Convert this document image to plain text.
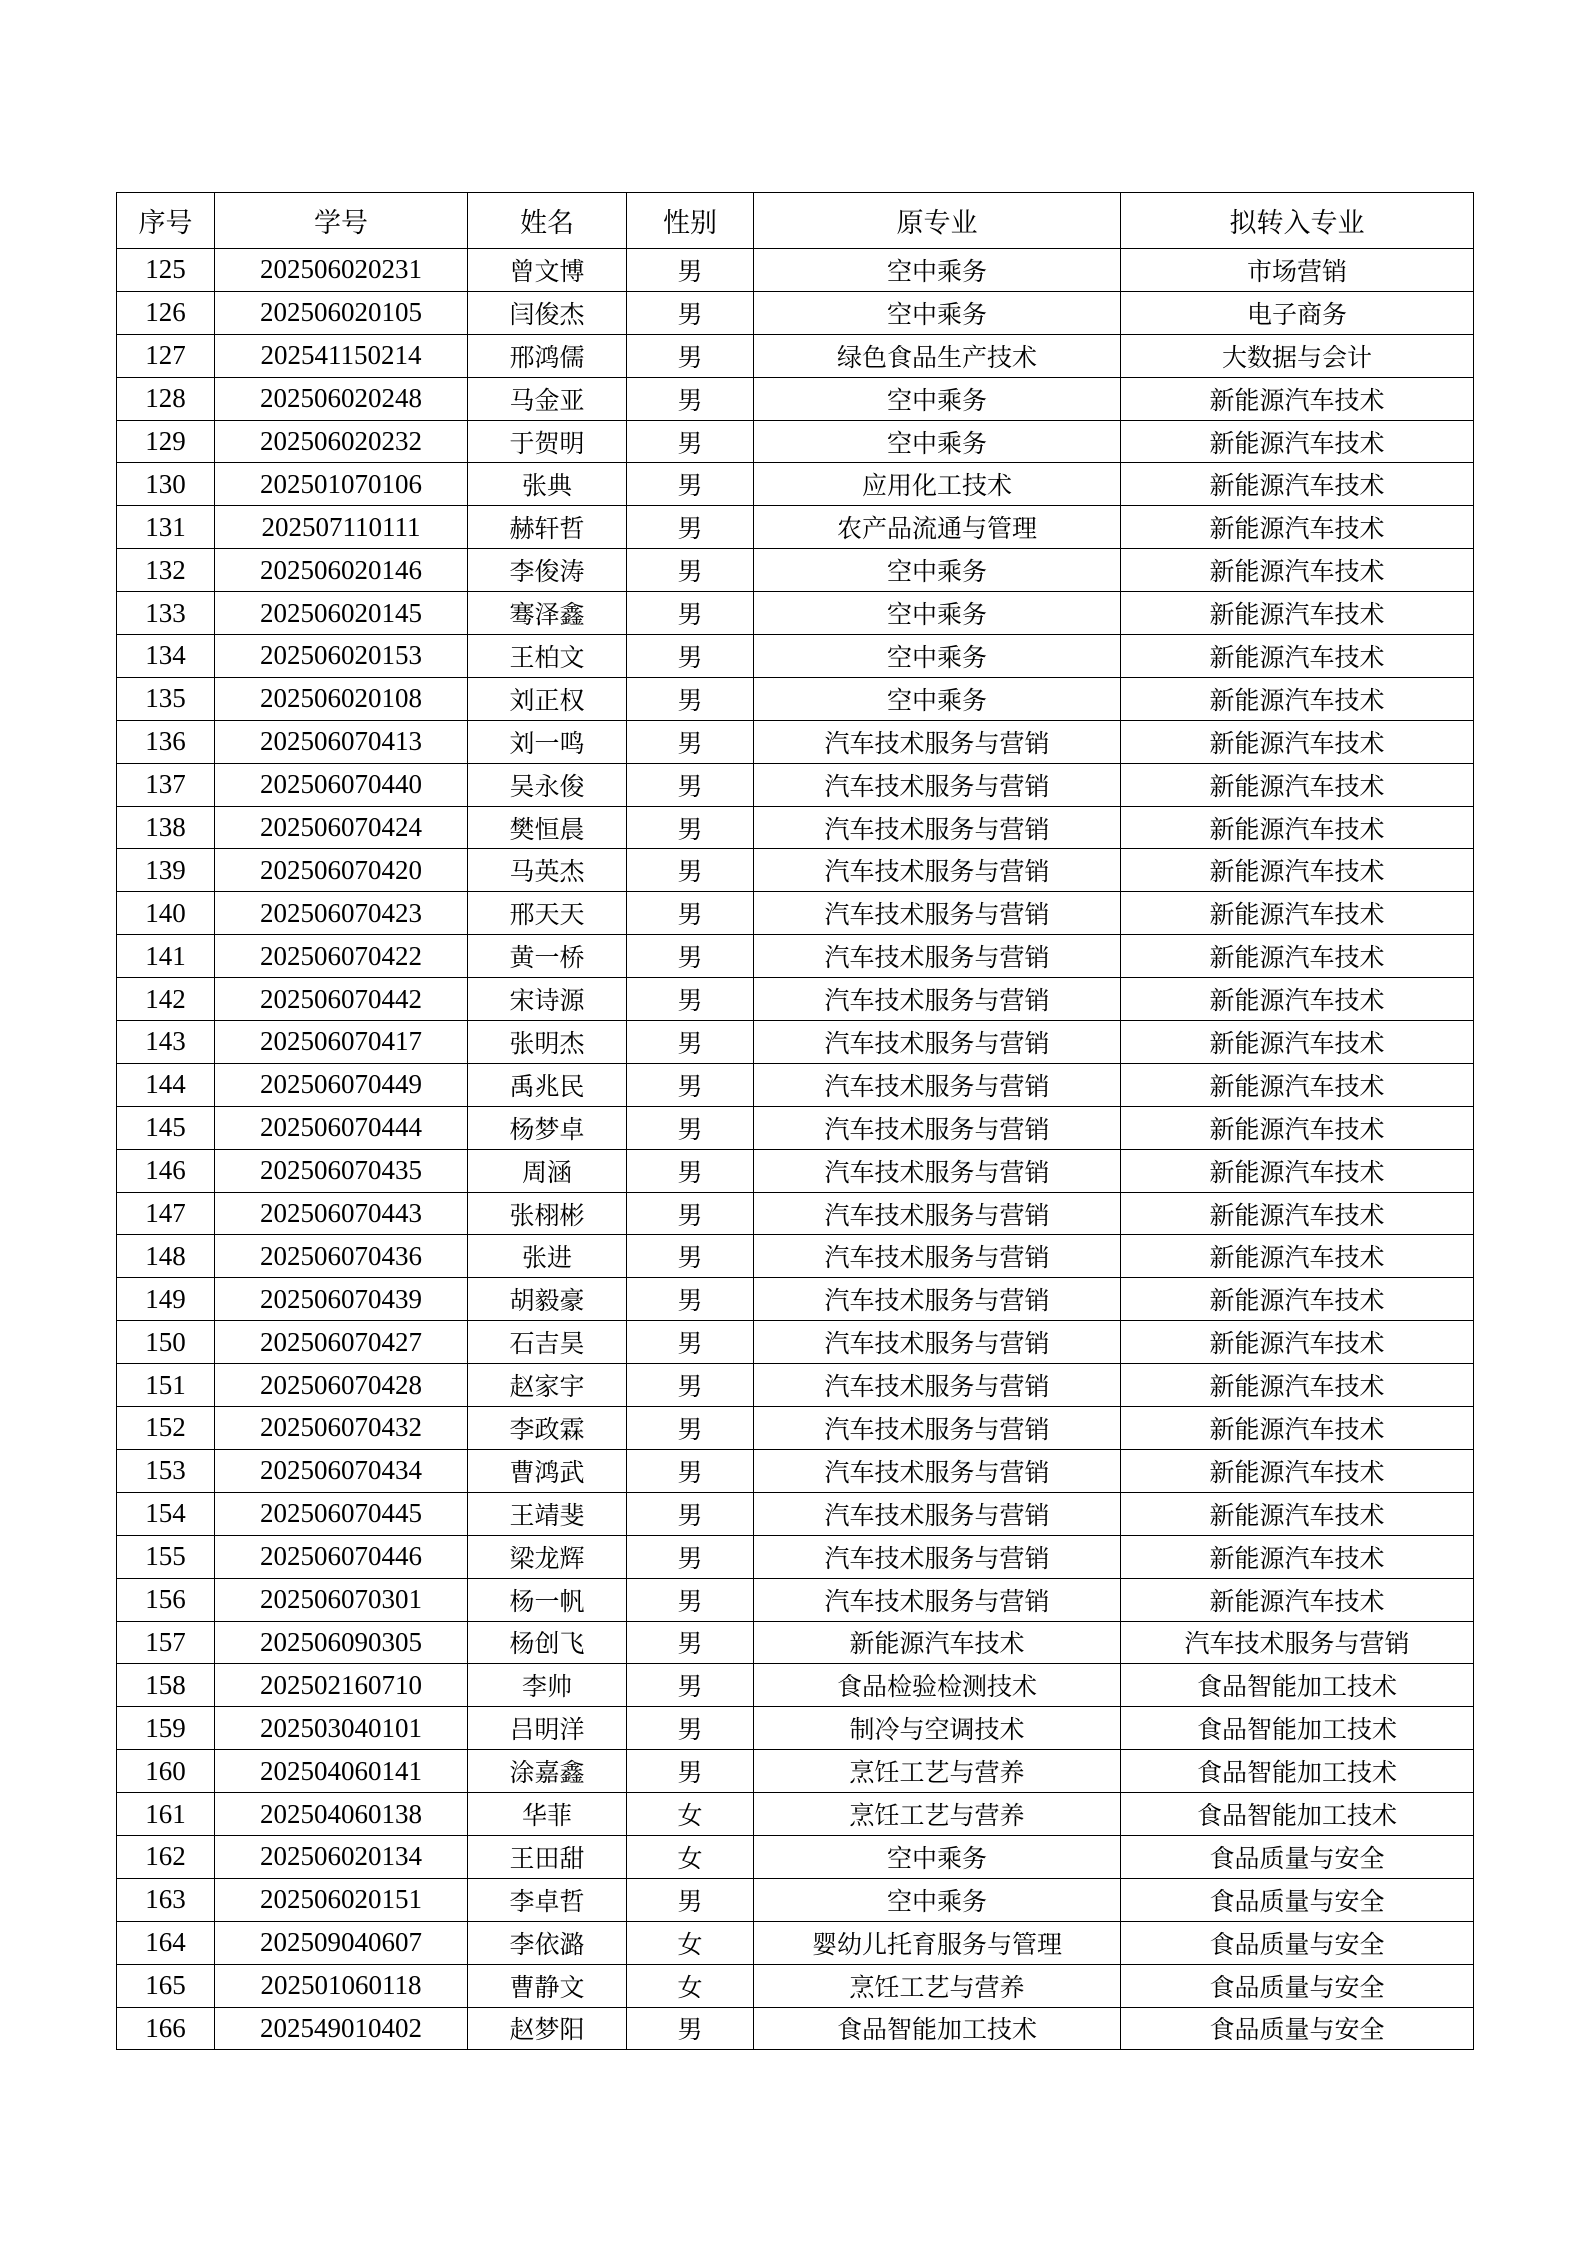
序号	学号	姓名	性别	原专业	拟转入专业
125	202506020231	曾文博	男	空中乘务	市场营销
126	202506020105	闫俊杰	男	空中乘务	电子商务
127	202541150214	邢鸿儒	男	绿色食品生产技术	大数据与会计
128	202506020248	马金亚	男	空中乘务	新能源汽车技术
129	202506020232	于贺明	男	空中乘务	新能源汽车技术
130	202501070106	张典	男	应用化工技术	新能源汽车技术
131	202507110111	赫轩哲	男	农产品流通与管理	新能源汽车技术
132	202506020146	李俊涛	男	空中乘务	新能源汽车技术
133	202506020145	骞泽鑫	男	空中乘务	新能源汽车技术
134	202506020153	王柏文	男	空中乘务	新能源汽车技术
135	202506020108	刘正权	男	空中乘务	新能源汽车技术
136	202506070413	刘一鸣	男	汽车技术服务与营销	新能源汽车技术
137	202506070440	吴永俊	男	汽车技术服务与营销	新能源汽车技术
138	202506070424	樊恒晨	男	汽车技术服务与营销	新能源汽车技术
139	202506070420	马英杰	男	汽车技术服务与营销	新能源汽车技术
140	202506070423	邢天天	男	汽车技术服务与营销	新能源汽车技术
141	202506070422	黄一桥	男	汽车技术服务与营销	新能源汽车技术
142	202506070442	宋诗源	男	汽车技术服务与营销	新能源汽车技术
143	202506070417	张明杰	男	汽车技术服务与营销	新能源汽车技术
144	202506070449	禹兆民	男	汽车技术服务与营销	新能源汽车技术
145	202506070444	杨梦卓	男	汽车技术服务与营销	新能源汽车技术
146	202506070435	周涵	男	汽车技术服务与营销	新能源汽车技术
147	202506070443	张栩彬	男	汽车技术服务与营销	新能源汽车技术
148	202506070436	张进	男	汽车技术服务与营销	新能源汽车技术
149	202506070439	胡毅豪	男	汽车技术服务与营销	新能源汽车技术
150	202506070427	石吉昊	男	汽车技术服务与营销	新能源汽车技术
151	202506070428	赵家宇	男	汽车技术服务与营销	新能源汽车技术
152	202506070432	李政霖	男	汽车技术服务与营销	新能源汽车技术
153	202506070434	曹鸿武	男	汽车技术服务与营销	新能源汽车技术
154	202506070445	王靖斐	男	汽车技术服务与营销	新能源汽车技术
155	202506070446	梁龙辉	男	汽车技术服务与营销	新能源汽车技术
156	202506070301	杨一帆	男	汽车技术服务与营销	新能源汽车技术
157	202506090305	杨创飞	男	新能源汽车技术	汽车技术服务与营销
158	202502160710	李帅	男	食品检验检测技术	食品智能加工技术
159	202503040101	吕明洋	男	制冷与空调技术	食品智能加工技术
160	202504060141	涂嘉鑫	男	烹饪工艺与营养	食品智能加工技术
161	202504060138	华菲	女	烹饪工艺与营养	食品智能加工技术
162	202506020134	王田甜	女	空中乘务	食品质量与安全
163	202506020151	李卓哲	男	空中乘务	食品质量与安全
164	202509040607	李依潞	女	婴幼儿托育服务与管理	食品质量与安全
165	202501060118	曹静文	女	烹饪工艺与营养	食品质量与安全
166	202549010402	赵梦阳	男	食品智能加工技术	食品质量与安全
